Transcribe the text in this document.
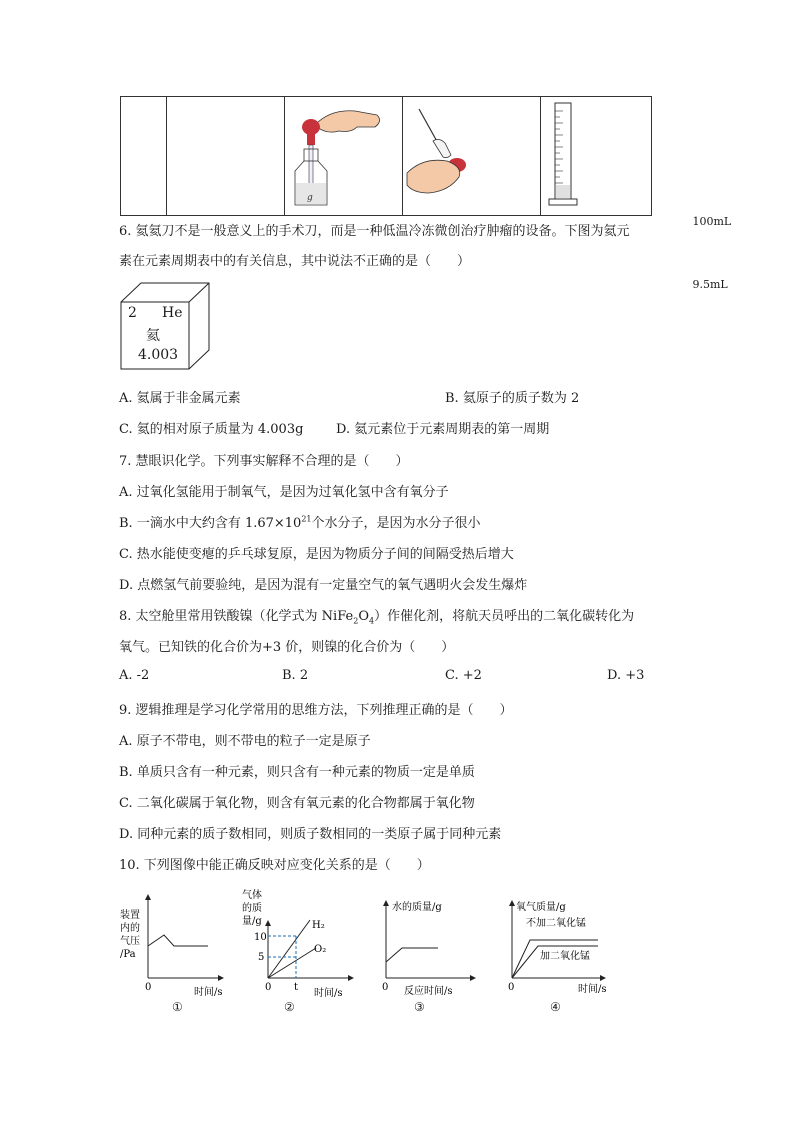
g

100mL
9.5mL
6. 氦氦刀不是一般意义上的手术刀，而是一种低温冷冻微创治疗肿瘤的设备。下图为氦元
素在元素周期表中的有关信息，其中说法不正确的是（　　）
2 He
氦
4.003
A. 氦属于非金属元素	B. 氦原子的质子数为 2
C. 氦的相对原子质量为 4.003g	D. 氦元素位于元素周期表的第一周期
7. 慧眼识化学。下列事实解释不合理的是（　　）
A. 过氧化氢能用于制氧气，是因为过氧化氢中含有氧分子
B. 一滴水中大约含有 $1.67\times 10^{21}$个水分子，是因为水分子很小
C. 热水能使变瘪的乒乓球复原，是因为物质分子间的间隔受热后增大
D. 点燃氢气前要验纯，是因为混有一定量空气的氧气遇明火会发生爆炸
8. 太空舱里常用铁酸镍（化学式为 $NiFe_2O_4$）作催化剂，将航天员呼出的二氧化碳转化为
氧气。已知铁的化合价为+3 价，则镍的化合价为（　　）
A. -2	B. 2	C. +2	D. +3
9. 逻辑推理是学习化学常用的思维方法，下列推理正确的是（　　）
A. 原子不带电，则不带电的粒子一定是原子
B. 单质只含有一种元素，则只含有一种元素的物质一定是单质
C. 二氧化碳属于氧化物，则含有氧元素的化合物都属于氧化物
D. 同种元素的质子数相同，则质子数相同的一类原子属于同种元素
10. 下列图像中能正确反映对应变化关系的是（　　）
装置
内的
气压
/Pa
0	时间/s
①
气体
的质
量/g
10
5
0 t
H₂
O₂
时间/s
②
水的质量/g
0 反应时间/s
③
氧气质量/g
不加二氧化锰
加二氧化锰
0	时间/s
④
